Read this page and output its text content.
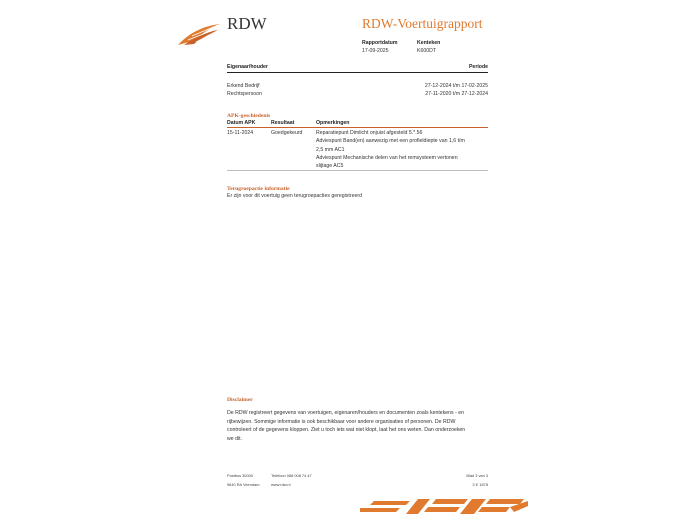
RDW	RDW-Voertuigrapport
Rapportdatum
17-09-2025
Kenteken
K600DT
Eigenaar/houder	Periode
Erkend Bedrijf	27-12-2024 t/m 17-02-2025
Rechtspersoon	27-11-2020 t/m 27-12-2024
APK-geschiedenis
Datum APK	Resultaat	Opmerkingen
15-11-2024	Goedgekeurd	Reparatiepunt Dimlicht onjuist afgesteld 5.*.56
Adviespunt Band(en) aanwezig met een profieldiepte van 1,6 t/m
2,5 mm AC1
Adviespunt Mechanische delen van het remsysteem vertonen
slijtage AC5
Terugroepactie informatie
Er zijn voor dit voertuig geen terugroepacties geregistreerd
Disclaimer
De RDW registreert gegevens van voertuigen, eigenaren/houders en documenten zoals kentekens - en
rijbewijzen. Sommige informatie is ook beschikbaar voor andere organisaties of personen. De RDW
controleert of de gegevens kloppen. Ziet u toch iets wat niet klopt, laat het ons weten. Dan onderzoeken
we dit.
Postbus 30000
9640 RA Veendam
Telefoon 088 008 74 47
www.rdw.nl
Blad 3 van 3
3 E 1878
